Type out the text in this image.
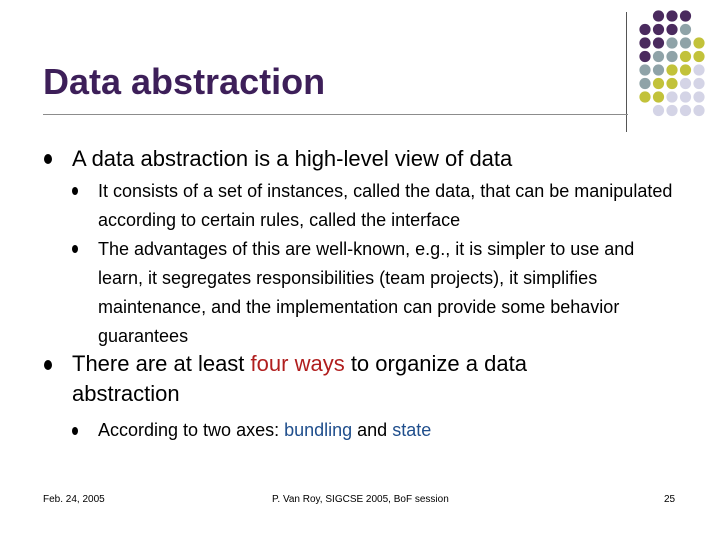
Data abstraction
A data abstraction is a high-level view of data
It consists of a set of instances, called the data, that can be manipulated according to certain rules, called the interface
The advantages of this are well-known, e.g., it is simpler to use and learn, it segregates responsibilities (team projects), it simplifies maintenance, and the implementation can provide some behavior guarantees
There are at least four ways to organize a data abstraction
According to two axes: bundling and state
Feb. 24, 2005	P. Van Roy, SIGCSE 2005, BoF session	25
